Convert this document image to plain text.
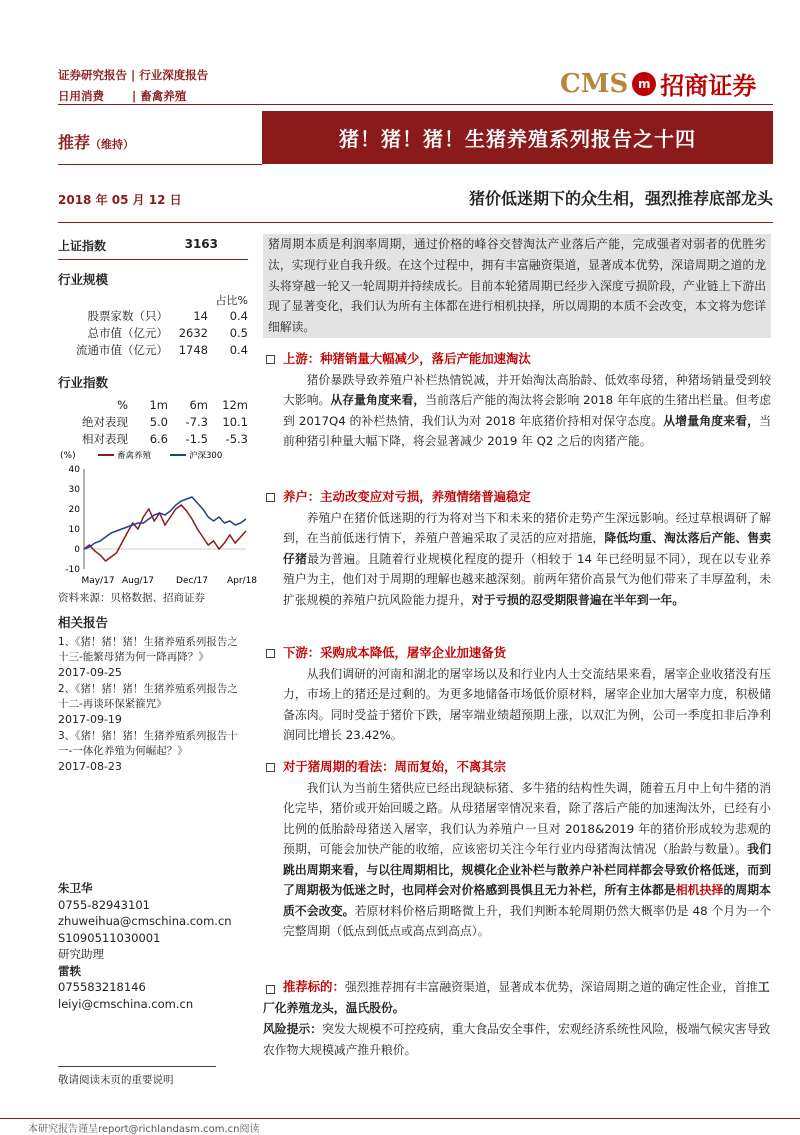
证券研究报告 | 行业深度报告
日用消费       | 畜禽养殖	CMS m 招商证券
推荐（维持）	猪！猪！猪！生猪养殖系列报告之十四
2018 年 05 月 12 日	猪价低迷期下的众生相，强烈推荐底部龙头
上证指数	3163
行业规模
占比%
股票家数（只）	14	0.4
总市值（亿元） 2632	0.5
流通市值（亿元） 1748	0.4
行业指数
%	1m	6m	12m
绝对表现	5.0	-7.3	10.1
相对表现	6.6	-1.5	-5.3
(%)	畜禽养殖	沪深300
40
30
20
10
0
-10
May/17 Aug/17 Dec/17 Apr/18
资料来源：贝格数据、招商证券
相关报告
1、《猪！猪！猪！生猪养殖系列报告之十三-能繁母猪为何一降再降？》
2017-09-25
2、《猪！猪！猪！生猪养殖系列报告之十二-再谈环保紧箍咒》
2017-09-19
3、《猪！猪！猪！生猪养殖系列报告十一-一体化养殖为何崛起？》
2017-08-23
朱卫华
0755-82943101
zhuweihua@cmschina.com.cn
S1090511030001
研究助理
雷轶
075583218146
leiyi@cmschina.com.cn
敬请阅读末页的重要说明
本研究报告谨呈report@richlandasm.com.cn阅读
猪周期本质是利润率周期，通过价格的峰谷交替淘汰产业落后产能，完成强者对弱者的优胜劣汰，实现行业自我升级。在这个过程中，拥有丰富融资渠道，显著成本优势，深谙周期之道的龙头将穿越一轮又一轮周期并持续成长。目前本轮猪周期已经步入深度亏损阶段，产业链上下游出现了显著变化，我们认为所有主体都在进行相机抉择，所以周期的本质不会改变，本文将为您详细解读。
上游：种猪销量大幅减少，落后产能加速淘汰
猪价暴跌导致养殖户补栏热情锐减，并开始淘汰高胎龄、低效率母猪，种猪场销量受到较大影响。从存量角度来看，当前落后产能的淘汰将会影响 2018 年年底的生猪出栏量。但考虑到 2017Q4 的补栏热情，我们认为对 2018 年底猪价持相对保守态度。从增量角度来看，当前种猪引种量大幅下降，将会显著减少 2019 年 Q2 之后的肉猪产能。
养户：主动改变应对亏损，养殖情绪普遍稳定
养殖户在猪价低迷期的行为将对当下和未来的猪价走势产生深远影响。经过草根调研了解到，在当前低迷行情下，养殖户普遍采取了灵活的应对措施，降低均重、淘汰落后产能、售卖仔猪最为普遍。且随着行业规模化程度的提升（相较于 14 年已经明显不同），现在以专业养殖户为主，他们对于周期的理解也越来越深刻。前两年猪价高景气为他们带来了丰厚盈利，未扩张规模的养殖户抗风险能力提升，对于亏损的忍受期限普遍在半年到一年。
下游：采购成本降低，屠宰企业加速备货
从我们调研的河南和湖北的屠宰场以及和行业内人士交流结果来看，屠宰企业收猪没有压力，市场上的猪还是过剩的。为更多地储备市场低价原材料，屠宰企业加大屠宰力度，积极储备冻肉。同时受益于猪价下跌，屠宰端业绩超预期上涨，以双汇为例，公司一季度扣非后净利润同比增长 23.42%。
对于猪周期的看法：周而复始，不离其宗
我们认为当前生猪供应已经出现缺标猪、多牛猪的结构性失调，随着五月中上旬牛猪的消化完毕，猪价或开始回暖之路。从母猪屠宰情况来看，除了落后产能的加速淘汰外，已经有小比例的低胎龄母猪送入屠宰，我们认为养殖户一旦对 2018&2019 年的猪价形成较为悲观的预期，可能会加快产能的收缩，应该密切关注今年行业内母猪淘汰情况（胎龄与数量）。我们跳出周期来看，与以往周期相比，规模化企业补栏与散养户补栏同样都会导致价格低迷，而到了周期极为低迷之时，也同样会对价格感到畏惧且无力补栏，所有主体都是相机抉择的周期本质不会改变。若原材料价格后期略微上升，我们判断本轮周期仍然大概率仍是 48 个月为一个完整周期（低点到低点或高点到高点）。
推荐标的：强烈推荐拥有丰富融资渠道，显著成本优势，深谙周期之道的确定性企业，首推工厂化养殖龙头，温氏股份。
风险提示：突发大规模不可控疫病，重大食品安全事件，宏观经济系统性风险，极端气候灾害导致农作物大规模减产推升粮价。
